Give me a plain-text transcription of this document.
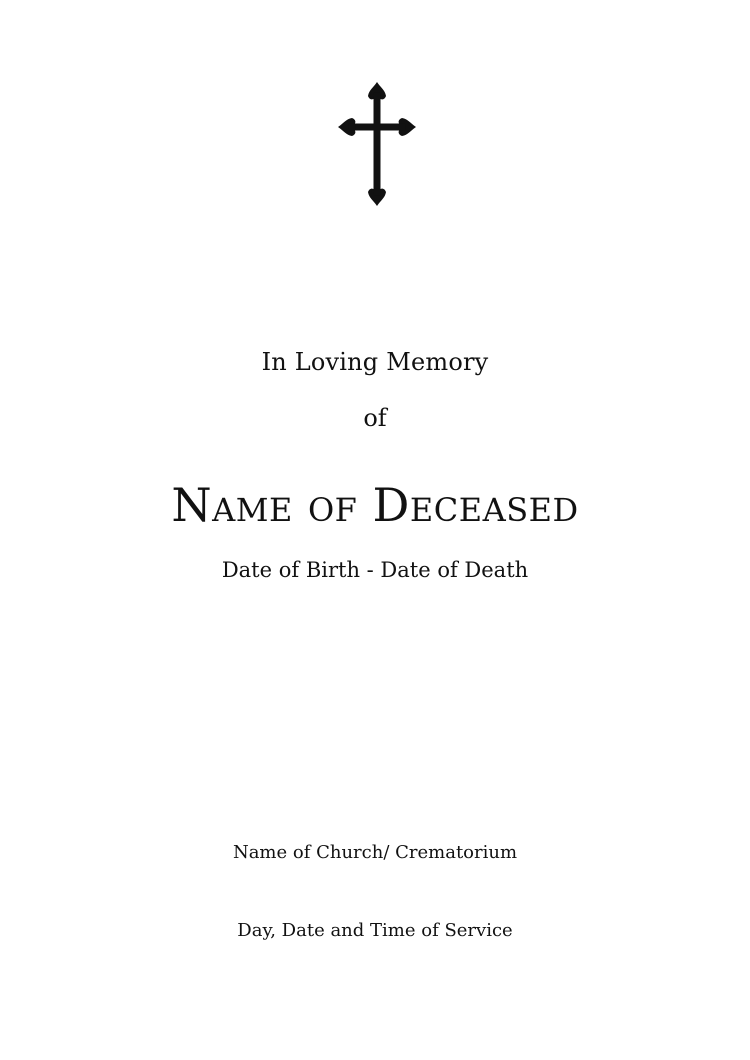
In Loving Memory
of
Name of Deceased
Date of Birth - Date of Death
Name of Church/ Crematorium
Day, Date and Time of Service
